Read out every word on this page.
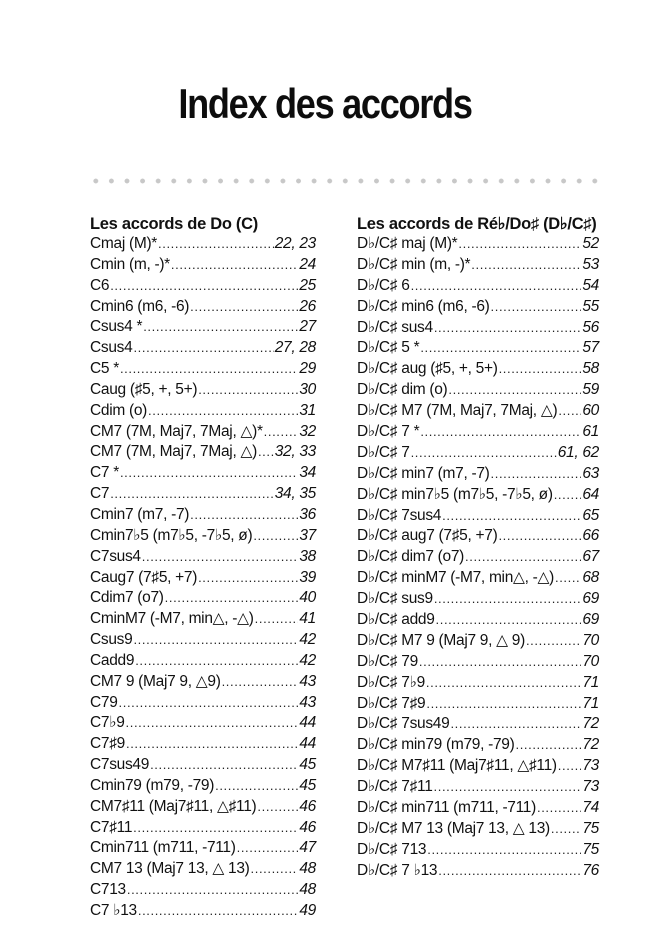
Index des accords
Les accords de Do (C)
Cmaj (M)* .....	22, 23
Cmin (m, -)* .....	24
C6 .....	25
Cmin6 (m6, -6) .....	26
Csus4 * .....	27
Csus4 .....	27, 28
C5 * .....	29
Caug (♯5, +, 5+) .....	30
Cdim (o) .....	31
CM7 (7M, Maj7, 7Maj, △)* ..... 32
CM7 (7M, Maj7, 7Maj, △) ..... 32, 33
C7 * .....	34
C7 .....	34, 35
Cmin7 (m7, -7) .....	36
Cmin7♭5 (m7♭5, -7♭5, ø) .....	37
C7sus4 .....	38
Caug7 (7♯5, +7) .....	39
Cdim7 (o7) .....	40
CminM7 (-M7, min△, -△) .....	41
Csus9 .....	42
Cadd9 .....	42
CM7 9 (Maj7 9, △9) .....	43
C79 .....	43
C7♭9 .....	44
C7♯9 .....	44
C7sus49 .....	45
Cmin79 (m79, -79) .....	45
CM7♯11 (Maj7♯11, △♯11) .....	46
C7♯11 .....	46
Cmin711 (m711, -711) .....	47
CM7 13 (Maj7 13, △ 13) .....	48
C713 .....	48
C7 ♭13 .....	49
Les accords de Ré♭/Do♯ (D♭/C♯)
D♭/C♯ maj (M)* .....	52
D♭/C♯ min (m, -)* .....	53
D♭/C♯ 6 .....	54
D♭/C♯ min6 (m6, -6) .....	55
D♭/C♯ sus4 .....	56
D♭/C♯ 5 * .....	57
D♭/C♯ aug (♯5, +, 5+) .....	58
D♭/C♯ dim (o) .....	59
D♭/C♯ M7 (7M, Maj7, 7Maj, △) ..... 60
D♭/C♯ 7 * .....	61
D♭/C♯ 7 .....	61, 62
D♭/C♯ min7 (m7, -7) .....	63
D♭/C♯ min7♭5 (m7♭5, -7♭5, ø) ..... 64
D♭/C♯ 7sus4 .....	65
D♭/C♯ aug7 (7♯5, +7) .....	66
D♭/C♯ dim7 (o7) .....	67
D♭/C♯ minM7 (-M7, min△, -△) ..... 68
D♭/C♯ sus9 .....	69
D♭/C♯ add9 .....	69
D♭/C♯ M7 9 (Maj7 9, △ 9) .....	70
D♭/C♯ 79 .....	70
D♭/C♯ 7♭9 .....	71
D♭/C♯ 7♯9 .....	71
D♭/C♯ 7sus49 .....	72
D♭/C♯ min79 (m79, -79) .....	72
D♭/C♯ M7♯11 (Maj7♯11, △♯11) ..... 73
D♭/C♯ 7♯11 .....	73
D♭/C♯ min711 (m711, -711) .....	74
D♭/C♯ M7 13 (Maj7 13, △ 13) ..... 75
D♭/C♯ 713 .....	75
D♭/C♯ 7 ♭13 .....	76
